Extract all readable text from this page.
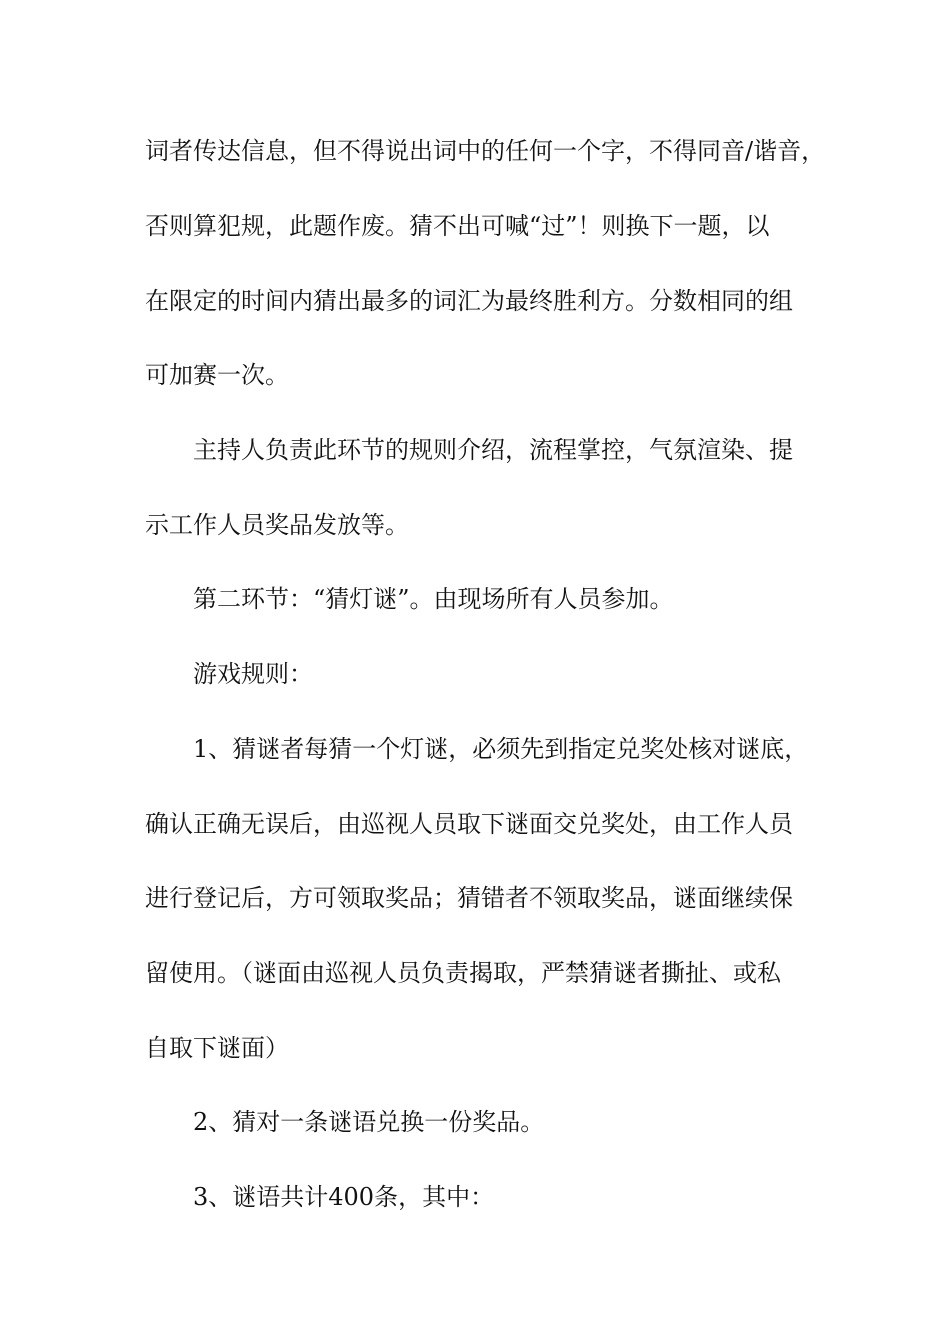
词者传达信息，但不得说出词中的任何一个字，不得同音/谐音，
否则算犯规，此题作废。猜不出可喊“过”！则换下一题，以
在限定的时间内猜出最多的词汇为最终胜利方。分数相同的组
可加赛一次。
主持人负责此环节的规则介绍，流程掌控，气氛渲染、提
示工作人员奖品发放等。
第二环节：“猜灯谜”。由现场所有人员参加。
游戏规则：
1、猜谜者每猜一个灯谜，必须先到指定兑奖处核对谜底，
确认正确无误后，由巡视人员取下谜面交兑奖处，由工作人员
进行登记后，方可领取奖品；猜错者不领取奖品，谜面继续保
留使用。（谜面由巡视人员负责揭取，严禁猜谜者撕扯、或私
自取下谜面）
2、猜对一条谜语兑换一份奖品。
3、谜语共计400条，其中：
